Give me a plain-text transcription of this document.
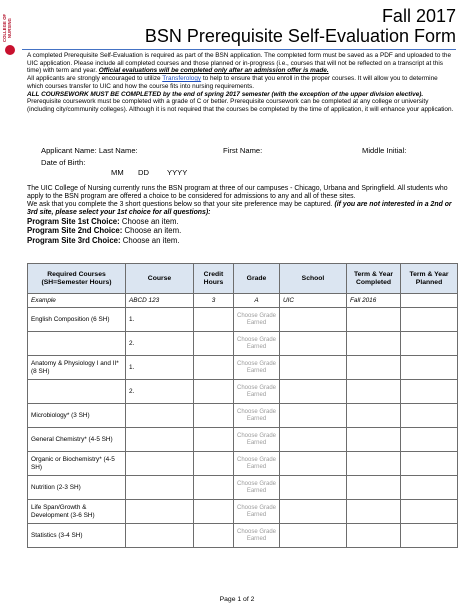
COLLEGE OF NURSING
Fall 2017
BSN Prerequisite Self-Evaluation Form
A completed Prerequisite Self-Evaluation is required as part of the BSN application. The completed form must be saved as a PDF and uploaded to the UIC application. Please include all completed courses and those planned or in-progress (i.e., courses that will not be reflected on a transcript at this time) with term and year. Official evaluations will be completed only after an admission offer is made.
All applicants are strongly encouraged to utilize Transferology to help to ensure that you enroll in the proper courses. It will allow you to determine which courses transfer to UIC and how the course fits into nursing requirements.
ALL COURSEWORK MUST BE COMPLETED by the end of spring 2017 semester (with the exception of the upper division elective).
Prerequisite coursework must be completed with a grade of C or better. Prerequisite coursework can be completed at any college or university (including city/community colleges). Although it is not required that the courses be completed by the time of application, it will enhance your application.
Applicant Name: Last Name:	First Name:	Middle Initial:
Date of Birth:
MM DD YYYY
The UIC College of Nursing currently runs the BSN program at three of our campuses - Chicago, Urbana and Springfield. All students who apply to the BSN program are offered a choice to be considered for admissions to any and all of these sites.
We ask that you complete the 3 short questions below so that your site preference may be captured. (if you are not interested in a 2nd or 3rd site, please select your 1st choice for all questions):
Program Site 1st Choice: Choose an item.
Program Site 2nd Choice: Choose an item.
Program Site 3rd Choice: Choose an item.
Required Courses (SH=Semester Hours)	Course	Credit Hours	Grade	School	Term & Year Completed	Term & Year Planned
Example	ABCD 123	3	A	UIC	Fall 2016	
English Composition (6 SH)	1.		Choose Grade Earned			
	2.		Choose Grade Earned			
Anatomy & Physiology I and II* (8 SH)	1.		Choose Grade Earned			
	2.		Choose Grade Earned			
Microbiology* (3 SH)			Choose Grade Earned			
General Chemistry* (4-5 SH)			Choose Grade Earned			
Organic or Biochemistry* (4-5 SH)			Choose Grade Earned			
Nutrition (2-3 SH)			Choose Grade Earned			
Life Span/Growth & Development (3-6 SH)			Choose Grade Earned			
Statistics (3-4 SH)			Choose Grade Earned			
Page 1 of 2
